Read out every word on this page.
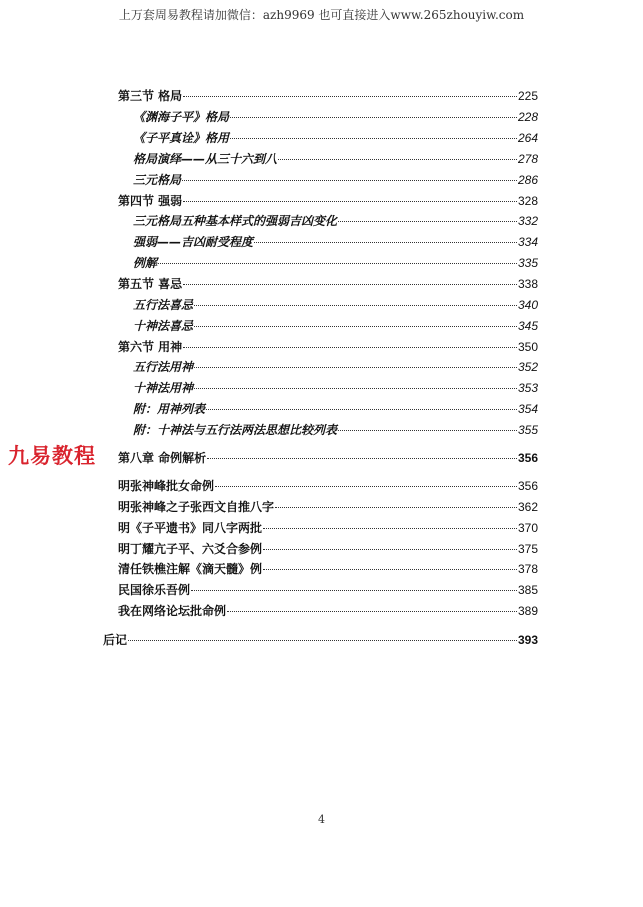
上万套周易教程请加微信：azh9969 也可直接进入www.265zhouyiw.com
第三节 格局	225
《渊海子平》格局	228
《子平真诠》格用	264
格局演绎——从三十六到八	278
三元格局	286
第四节 强弱	328
三元格局五种基本样式的强弱吉凶变化	332
强弱——吉凶耐受程度	334
例解	335
第五节 喜忌	338
五行法喜忌	340
十神法喜忌	345
第六节 用神	350
五行法用神	352
十神法用神	353
附：用神列表	354
附：十神法与五行法两法思想比较列表	355
第八章 命例解析	356
明张神峰批女命例	356
明张神峰之子张西文自推八字	362
明《子平遗书》同八字两批	370
明丁耀亢子平、六爻合参例	375
清任铁樵注解《滴天髓》例	378
民国徐乐吾例	385
我在网络论坛批命例	389
后记	393
九易教程
4
